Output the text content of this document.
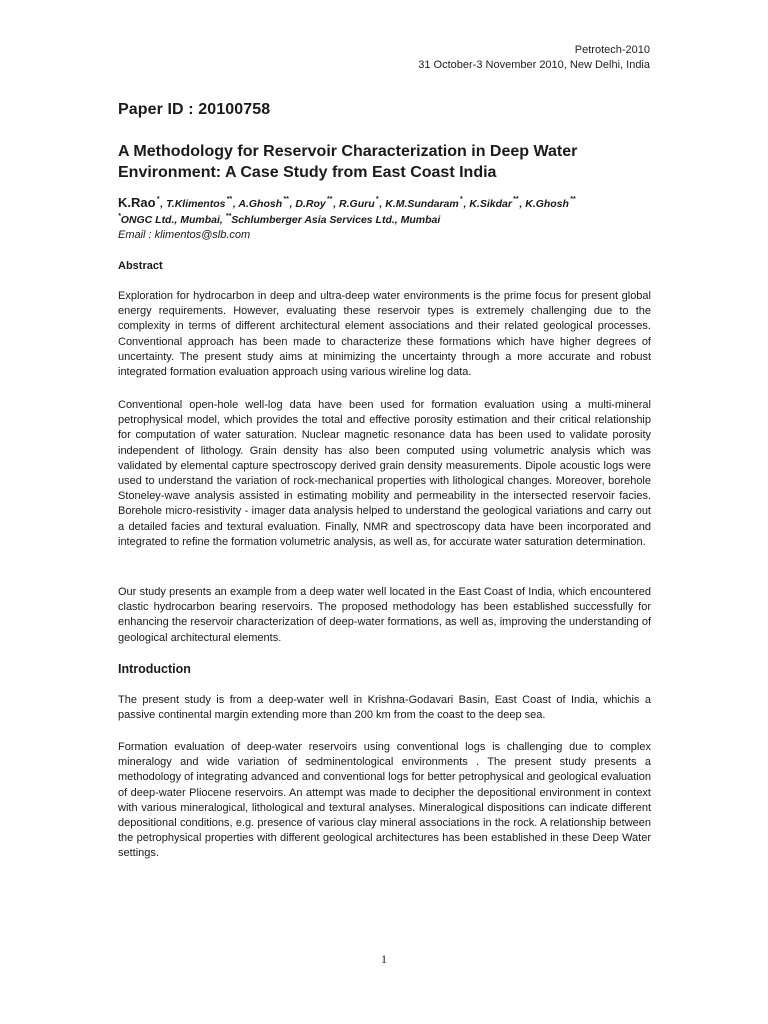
Petrotech-2010
31 October-3 November 2010, New Delhi, India
Paper ID : 20100758
A Methodology for Reservoir Characterization in Deep Water Environment: A Case Study from East Coast India
K.Rao*, T.Klimentos**, A.Ghosh**, D.Roy**, R.Guru*, K.M.Sundaram*, K.Sikdar**, K.Ghosh**
*ONGC Ltd., Mumbai, **Schlumberger Asia Services Ltd., Mumbai
Email : klimentos@slb.com
Abstract

Exploration for hydrocarbon in deep and ultra-deep water environments is the prime focus for present global energy requirements. However, evaluating these reservoir types is extremely challenging due to the complexity in terms of different architectural element associations and their related geological processes. Conventional approach has been made to characterize these formations which have higher degrees of uncertainty. The present study aims at minimizing the uncertainty through a more accurate and robust integrated formation evaluation approach using various wireline log data.

Conventional open-hole well-log data have been used for formation evaluation using a multi-mineral petrophysical model, which provides the total and effective porosity estimation and their critical relationship for computation of water saturation. Nuclear magnetic resonance data has been used to validate porosity independent of lithology. Grain density has also been computed using volumetric analysis which was validated by elemental capture spectroscopy derived grain density measurements. Dipole acoustic logs were used to understand the variation of rock-mechanical properties with lithological changes. Moreover, borehole Stoneley-wave analysis assisted in estimating mobility and permeability in the intersected reservoir facies. Borehole micro-resistivity - imager data analysis helped to understand the geological variations and carry out a detailed facies and textural evaluation. Finally, NMR and spectroscopy data have been incorporated and integrated to refine the formation volumetric analysis, as well as, for accurate water saturation determination.

Our study presents an example from a deep water well located in the East Coast of India, which encountered clastic hydrocarbon bearing reservoirs. The proposed methodology has been established successfully for enhancing the reservoir characterization of deep-water formations, as well as, improving the understanding of geological architectural elements.

Introduction

The present study is from a deep-water well in Krishna-Godavari Basin, East Coast of India, whichis a passive continental margin extending more than 200 km from the coast to the deep sea.

Formation evaluation of deep-water reservoirs using conventional logs is challenging due to complex mineralogy and wide variation of sedminentological environments . The present study presents a methodology of integrating advanced and conventional logs for better petrophysical and geological evaluation of deep-water Pliocene reservoirs. An attempt was made to decipher the depositional environment in context with various mineralogical, lithological and textural analyses. Mineralogical dispositions can indicate different depositional conditions, e.g. presence of various clay mineral associations in the rock. A relationship between the petrophysical properties with different geological architectures has been established in these Deep Water settings.

1
